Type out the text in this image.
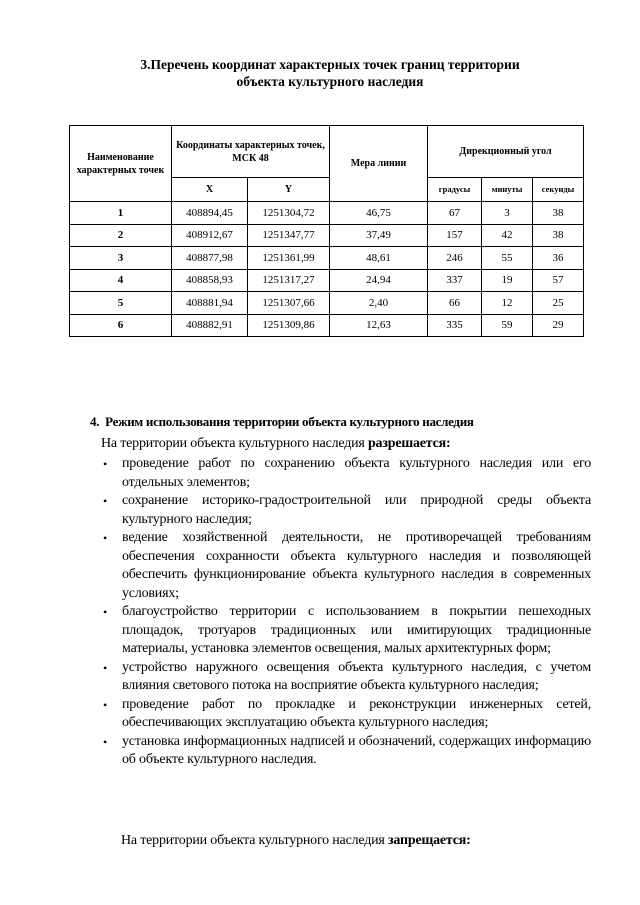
3.Перечень координат характерных точек границ территории
объекта культурного наследия
Наименование характерных точек	Координаты характерных точек, МСК 48		Мера линии	Дирекционный угол		
	X	Y		градусы	минуты	секунды
1	408894,45	1251304,72	46,75	67	3	38
2	408912,67	1251347,77	37,49	157	42	38
3	408877,98	1251361,99	48,61	246	55	36
4	408858,93	1251317,27	24,94	337	19	57
5	408881,94	1251307,66	2,40	66	12	25
6	408882,91	1251309,86	12,63	335	59	29
4. Режим использования территории объекта культурного наследия
На территории объекта культурного наследия разрешается:
• проведение работ по сохранению объекта культурного наследия или его отдельных элементов;
• сохранение историко-градостроительной или природной среды объекта культурного наследия;
• ведение хозяйственной деятельности, не противоречащей требованиям обеспечения сохранности объекта культурного наследия и позволяющей обеспечить функционирование объекта культурного наследия в современных условиях;
• благоустройство территории с использованием в покрытии пешеходных площадок, тротуаров традиционных или имитирующих традиционные материалы, установка элементов освещения, малых архитектурных форм;
• устройство наружного освещения объекта культурного наследия, с учетом влияния светового потока на восприятие объекта культурного наследия;
• проведение работ по прокладке и реконструкции инженерных сетей, обеспечивающих эксплуатацию объекта культурного наследия;
• установка информационных надписей и обозначений, содержащих информацию об объекте культурного наследия.
На территории объекта культурного наследия запрещается:
